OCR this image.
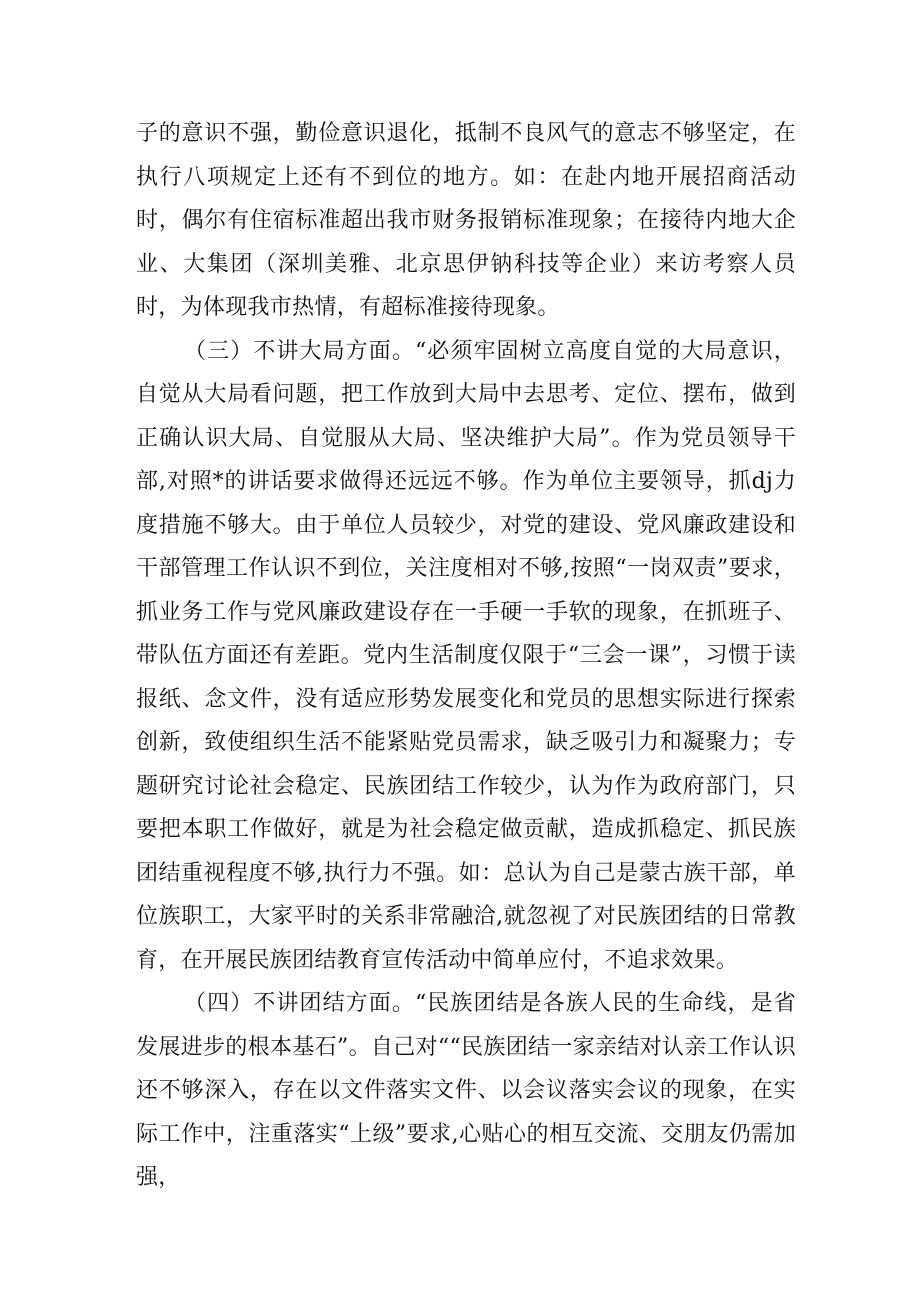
子的意识不强，勤俭意识退化，抵制不良风气的意志不够坚定，在执行八项规定上还有不到位的地方。如：在赴内地开展招商活动时，偶尔有住宿标准超出我市财务报销标准现象；在接待内地大企业、大集团（深圳美雅、北京思伊钠科技等企业）来访考察人员时，为体现我市热情，有超标准接待现象。

（三）不讲大局方面。“必须牢固树立高度自觉的大局意识，自觉从大局看问题，把工作放到大局中去思考、定位、摆布，做到正确认识大局、自觉服从大局、坚决维护大局”。作为党员领导干部,对照*的讲话要求做得还远远不够。作为单位主要领导，抓dj力度措施不够大。由于单位人员较少，对党的建设、党风廉政建设和干部管理工作认识不到位，关注度相对不够,按照“一岗双责”要求，抓业务工作与党风廉政建设存在一手硬一手软的现象，在抓班子、带队伍方面还有差距。党内生活制度仅限于“三会一课”，习惯于读报纸、念文件，没有适应形势发展变化和党员的思想实际进行探索创新，致使组织生活不能紧贴党员需求，缺乏吸引力和凝聚力；专题研究讨论社会稳定、民族团结工作较少，认为作为政府部门，只要把本职工作做好，就是为社会稳定做贡献，造成抓稳定、抓民族团结重视程度不够,执行力不强。如：总认为自己是蒙古族干部，单位族职工，大家平时的关系非常融洽,就忽视了对民族团结的日常教育，在开展民族团结教育宣传活动中简单应付，不追求效果。

（四）不讲团结方面。“民族团结是各族人民的生命线，是省发展进步的根本基石”。自己对““民族团结一家亲结对认亲工作认识还不够深入，存在以文件落实文件、以会议落实会议的现象，在实际工作中，注重落实“上级”要求,心贴心的相互交流、交朋友仍需加强，
